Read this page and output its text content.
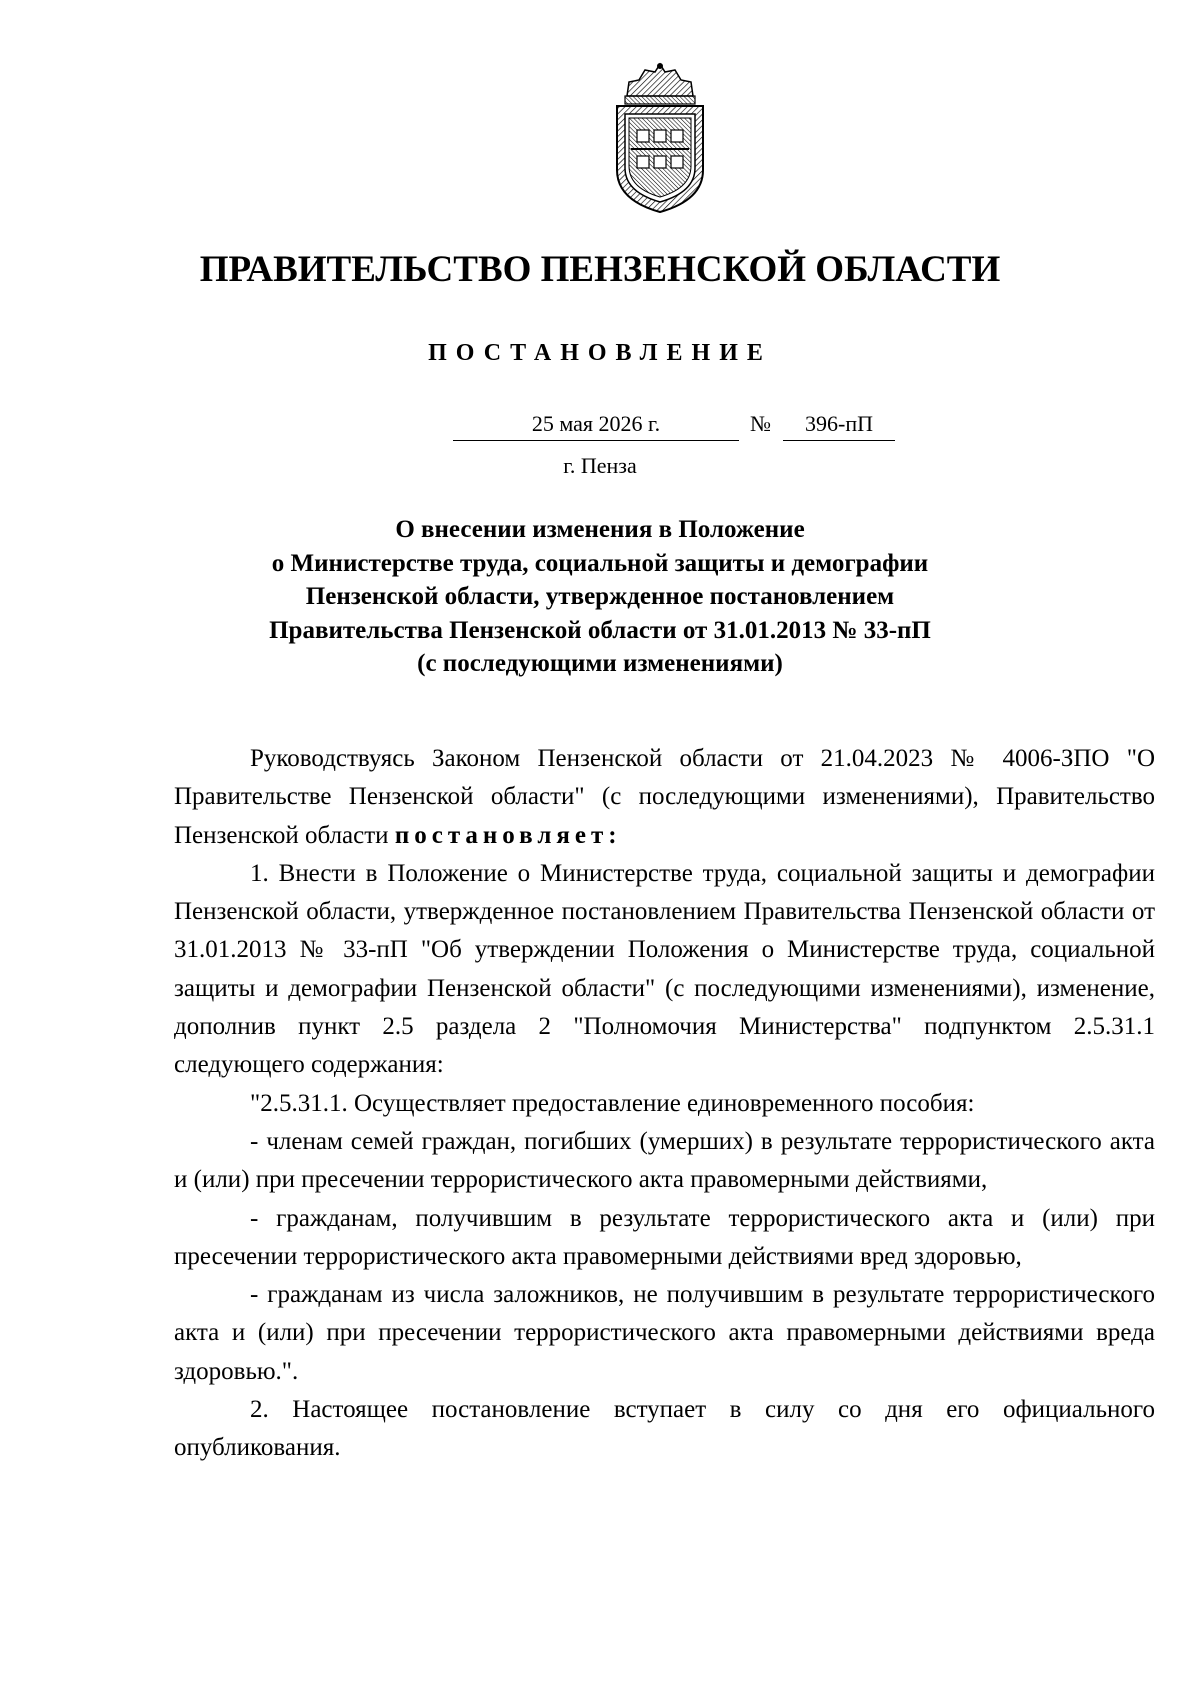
ПРАВИТЕЛЬСТВО ПЕНЗЕНСКОЙ ОБЛАСТИ
ПОСТАНОВЛЕНИЕ
25 мая 2026 г.	№	396-пП
г. Пенза
О внесении изменения в Положение
о Министерстве труда, социальной защиты и демографии
Пензенской области, утвержденное постановлением
Правительства Пензенской области от 31.01.2013 № 33-пП
(с последующими изменениями)

Руководствуясь Законом Пензенской области от 21.04.2023 № 4006-ЗПО "О Правительстве Пензенской области" (с последующими изменениями), Правительство Пензенской области постановляет:

1. Внести в Положение о Министерстве труда, социальной защиты и демографии Пензенской области, утвержденное постановлением Правительства Пензенской области от 31.01.2013 № 33-пП "Об утверждении Положения о Министерстве труда, социальной защиты и демографии Пензенской области" (с последующими изменениями), изменение, дополнив пункт 2.5 раздела 2 "Полномочия Министерства" подпунктом 2.5.31.1 следующего содержания:

"2.5.31.1. Осуществляет предоставление единовременного пособия:

- членам семей граждан, погибших (умерших) в результате террористического акта и (или) при пресечении террористического акта правомерными действиями,

- гражданам, получившим в результате террористического акта и (или) при пресечении террористического акта правомерными действиями вред здоровью,

- гражданам из числа заложников, не получившим в результате террористического акта и (или) при пресечении террористического акта правомерными действиями вреда здоровью.".

2. Настоящее постановление вступает в силу со дня его официального опубликования.
